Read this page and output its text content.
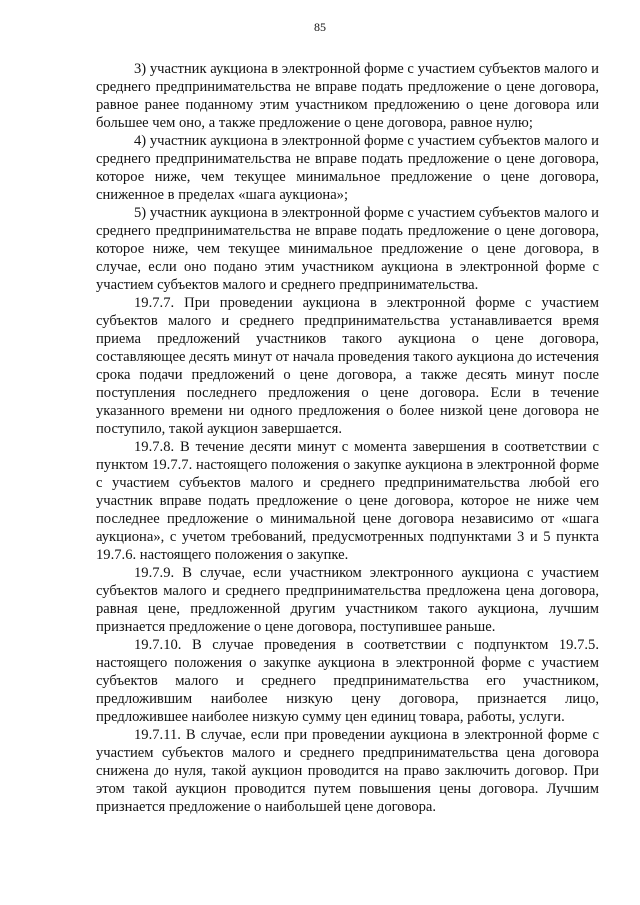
85

3) участник аукциона в электронной форме с участием субъектов малого и среднего предпринимательства не вправе подать предложение о цене договора, равное ранее поданному этим участником предложению о цене договора или большее чем оно, а также предложение о цене договора, равное нулю;

4) участник аукциона в электронной форме с участием субъектов малого и среднего предпринимательства не вправе подать предложение о цене договора, которое ниже, чем текущее минимальное предложение о цене договора, сниженное в пределах «шага аукциона»;

5) участник аукциона в электронной форме с участием субъектов малого и среднего предпринимательства не вправе подать предложение о цене договора, которое ниже, чем текущее минимальное предложение о цене договора, в случае, если оно подано этим участником аукциона в электронной форме с участием субъектов малого и среднего предпринимательства.

19.7.7. При проведении аукциона в электронной форме с участием субъектов малого и среднего предпринимательства устанавливается время приема предложений участников такого аукциона о цене договора, составляющее десять минут от начала проведения такого аукциона до истечения срока подачи предложений о цене договора, а также десять минут после поступления последнего предложения о цене договора. Если в течение указанного времени ни одного предложения о более низкой цене договора не поступило, такой аукцион завершается.

19.7.8. В течение десяти минут с момента завершения в соответствии с пунктом 19.7.7. настоящего положения о закупке аукциона в электронной форме с участием субъектов малого и среднего предпринимательства любой его участник вправе подать предложение о цене договора, которое не ниже чем последнее предложение о минимальной цене договора независимо от «шага аукциона», с учетом требований, предусмотренных подпунктами 3 и 5 пункта 19.7.6. настоящего положения о закупке.

19.7.9. В случае, если участником электронного аукциона с участием субъектов малого и среднего предпринимательства предложена цена договора, равная цене, предложенной другим участником такого аукциона, лучшим признается предложение о цене договора, поступившее раньше.

19.7.10. В случае проведения в соответствии с подпунктом 19.7.5. настоящего положения о закупке аукциона в электронной форме с участием субъектов малого и среднего предпринимательства его участником, предложившим наиболее низкую цену договора, признается лицо, предложившее наиболее низкую сумму цен единиц товара, работы, услуги.

19.7.11. В случае, если при проведении аукциона в электронной форме с участием субъектов малого и среднего предпринимательства цена договора снижена до нуля, такой аукцион проводится на право заключить договор. При этом такой аукцион проводится путем повышения цены договора. Лучшим признается предложение о наибольшей цене договора.
